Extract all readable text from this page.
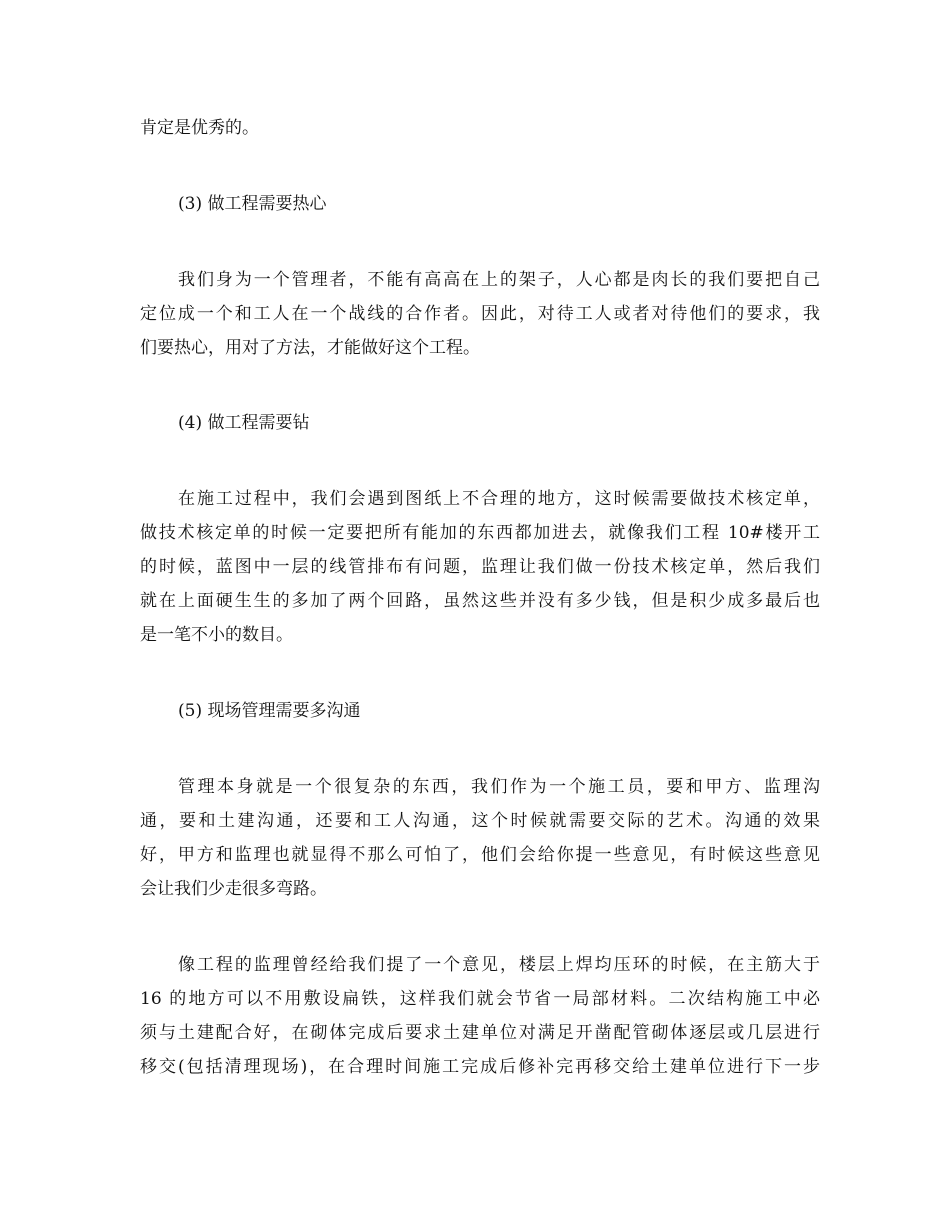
肯定是优秀的。
(3) 做工程需要热心
我们身为一个管理者，不能有高高在上的架子，人心都是肉长的我们要把自己
定位成一个和工人在一个战线的合作者。因此，对待工人或者对待他们的要求，我
们要热心，用对了方法，才能做好这个工程。
(4) 做工程需要钻
在施工过程中，我们会遇到图纸上不合理的地方，这时候需要做技术核定单，
做技术核定单的时候一定要把所有能加的东西都加进去，就像我们工程 10#楼开工
的时候，蓝图中一层的线管排布有问题，监理让我们做一份技术核定单，然后我们
就在上面硬生生的多加了两个回路，虽然这些并没有多少钱，但是积少成多最后也
是一笔不小的数目。
(5) 现场管理需要多沟通
管理本身就是一个很复杂的东西，我们作为一个施工员，要和甲方、监理沟
通，要和土建沟通，还要和工人沟通，这个时候就需要交际的艺术。沟通的效果
好，甲方和监理也就显得不那么可怕了，他们会给你提一些意见，有时候这些意见
会让我们少走很多弯路。
像工程的监理曾经给我们提了一个意见，楼层上焊均压环的时候，在主筋大于
16 的地方可以不用敷设扁铁，这样我们就会节省一局部材料。二次结构施工中必
须与土建配合好，在砌体完成后要求土建单位对满足开凿配管砌体逐层或几层进行
移交(包括清理现场)，在合理时间施工完成后修补完再移交给土建单位进行下一步
